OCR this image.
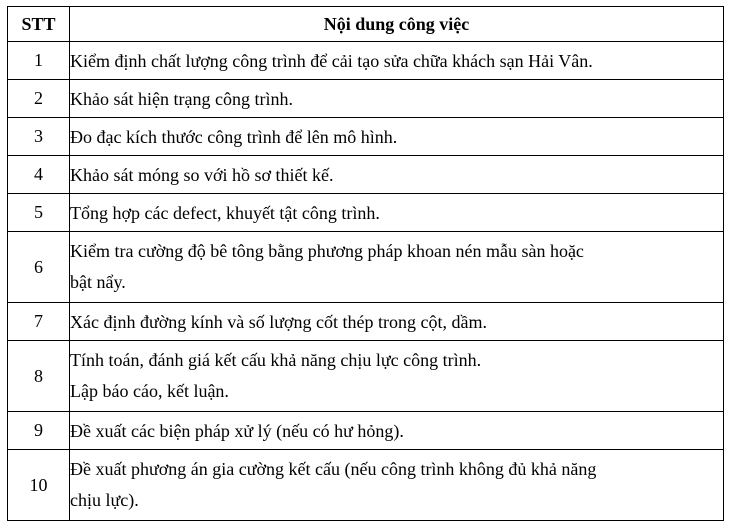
STT	Nội dung công việc
1	Kiểm định chất lượng công trình để cải tạo sửa chữa khách sạn Hải Vân.

2	Khảo sát hiện trạng công trình.

3	Đo đạc kích thước công trình để lên mô hình.

4	Khảo sát móng so với hồ sơ thiết kế.

5	Tổng hợp các defect, khuyết tật công trình.

6	Kiểm tra cường độ bê tông bằng phương pháp khoan nén mẫu sàn hoặc
bật nẩy.

7	Xác định đường kính và số lượng cốt thép trong cột, dầm.

8	Tính toán, đánh giá kết cấu khả năng chịu lực công trình.
Lập báo cáo, kết luận.

9	Đề xuất các biện pháp xử lý (nếu có hư hỏng).

10	Đề xuất phương án gia cường kết cấu (nếu công trình không đủ khả năng
chịu lực).
